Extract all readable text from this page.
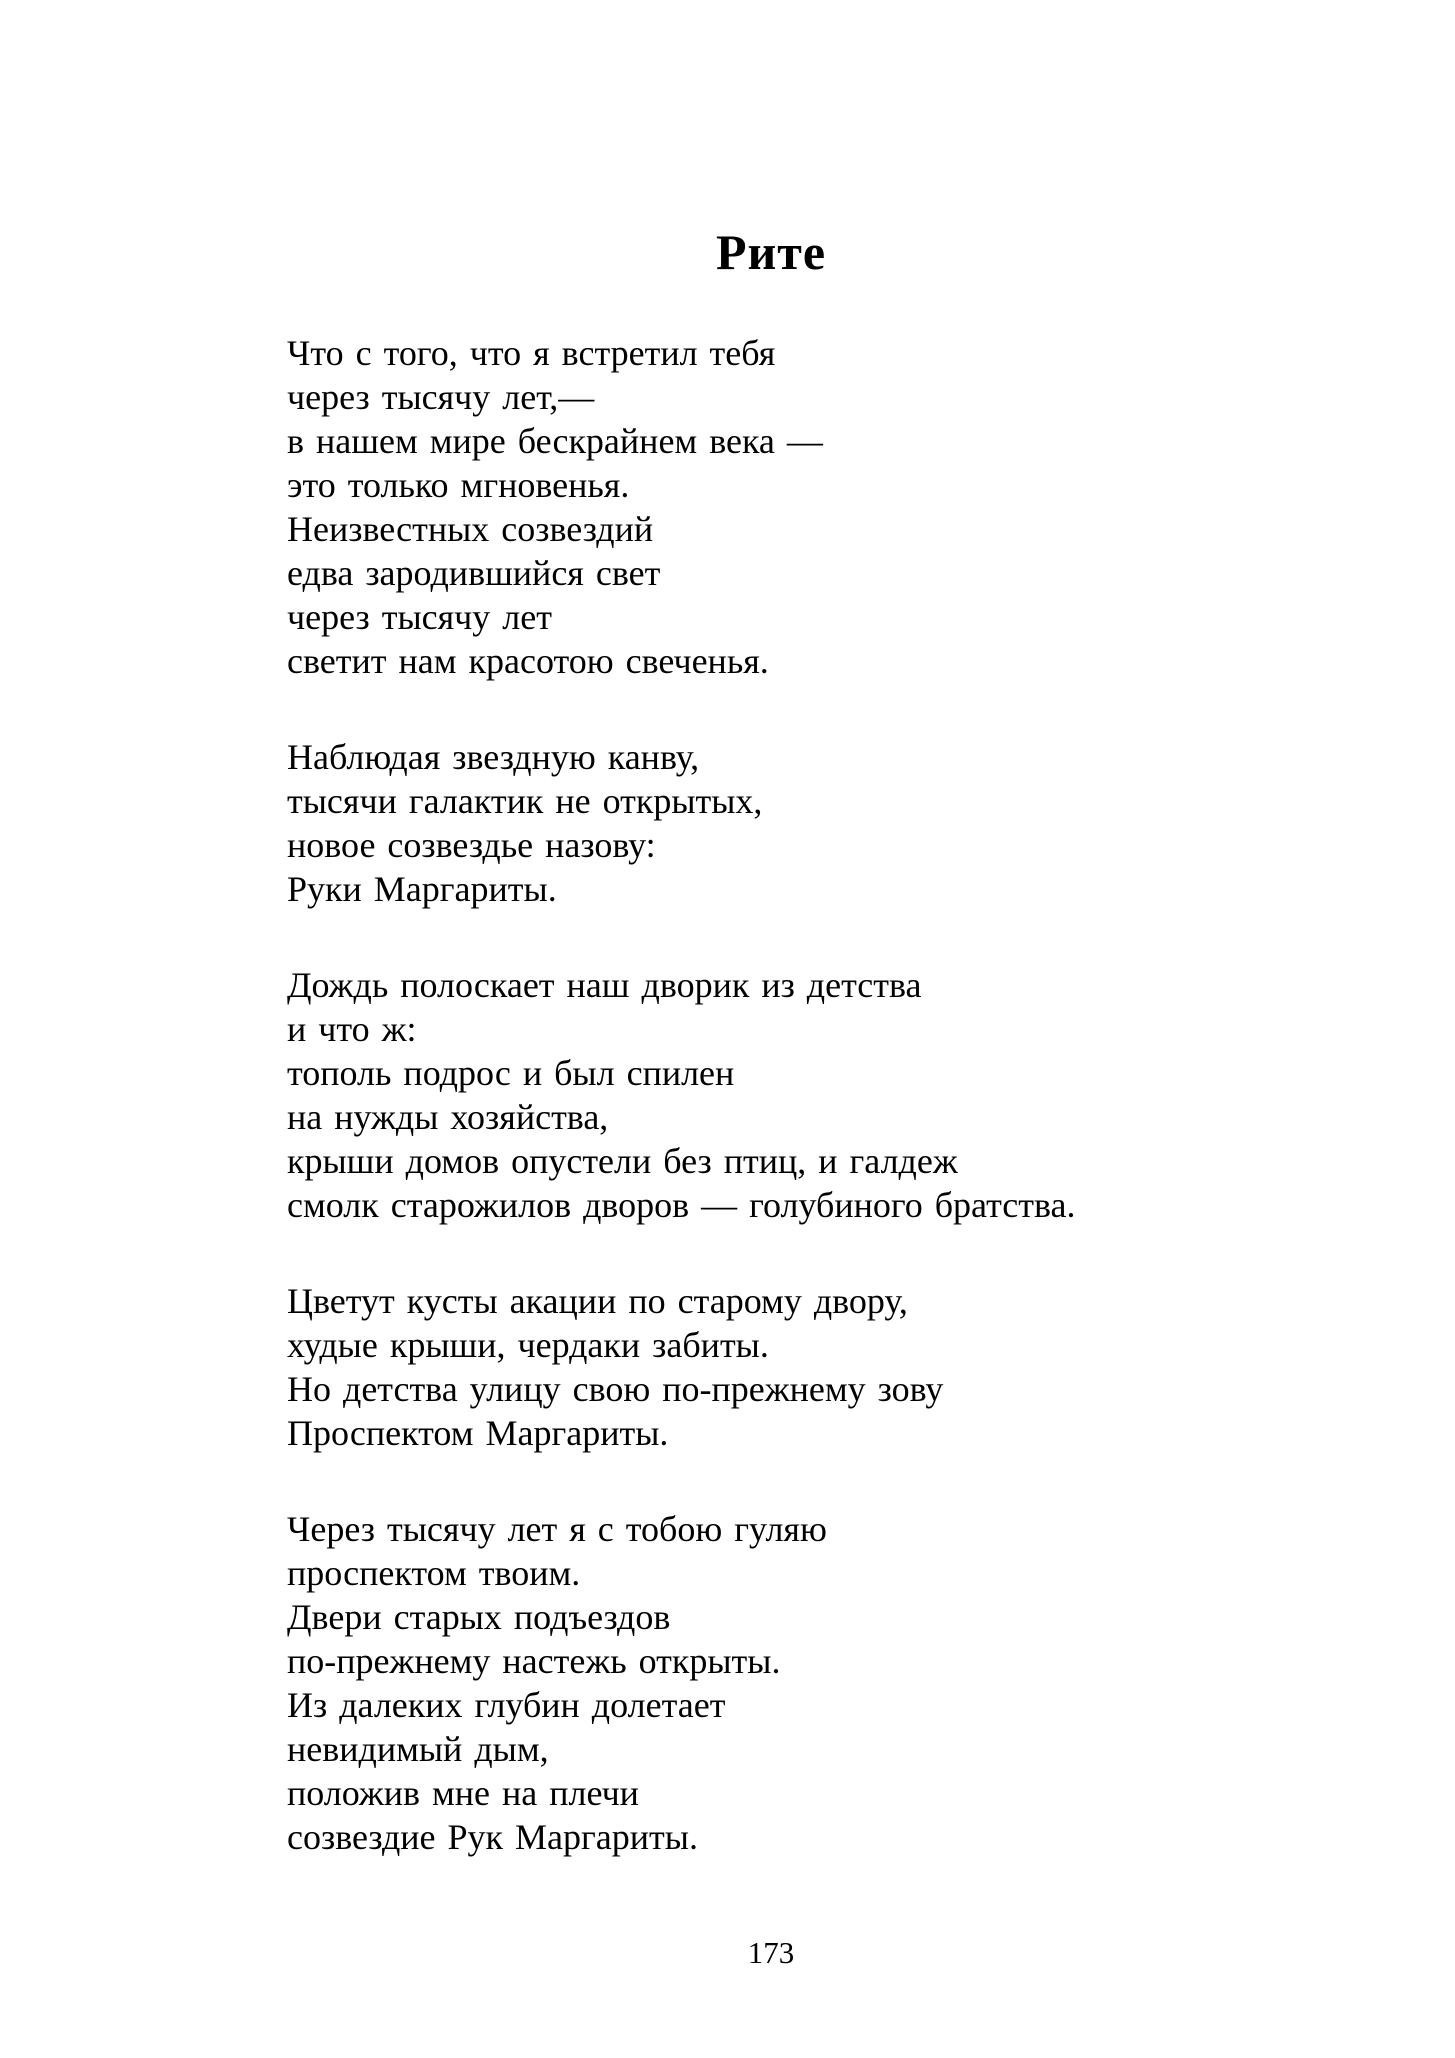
Рите
Что с того, что я встретил тебя
через тысячу лет,—
в нашем мире бескрайнем века —
это только мгновенья.
Неизвестных созвездий
едва зародившийся свет
через тысячу лет
светит нам красотою свеченья.
Наблюдая звездную канву,
тысячи галактик не открытых,
новое созвездье назову:
Руки Маргариты.
Дождь полоскает наш дворик из детства
и что ж:
тополь подрос и был спилен
на нужды хозяйства,
крыши домов опустели без птиц, и галдеж
смолк старожилов дворов — голубиного братства.
Цветут кусты акации по старому двору,
худые крыши, чердаки забиты.
Но детства улицу свою по-прежнему зову
Проспектом Маргариты.
Через тысячу лет я с тобою гуляю
проспектом твоим.
Двери старых подъездов
по-прежнему настежь открыты.
Из далеких глубин долетает
невидимый дым,
положив мне на плечи
созвездие Рук Маргариты.
173
